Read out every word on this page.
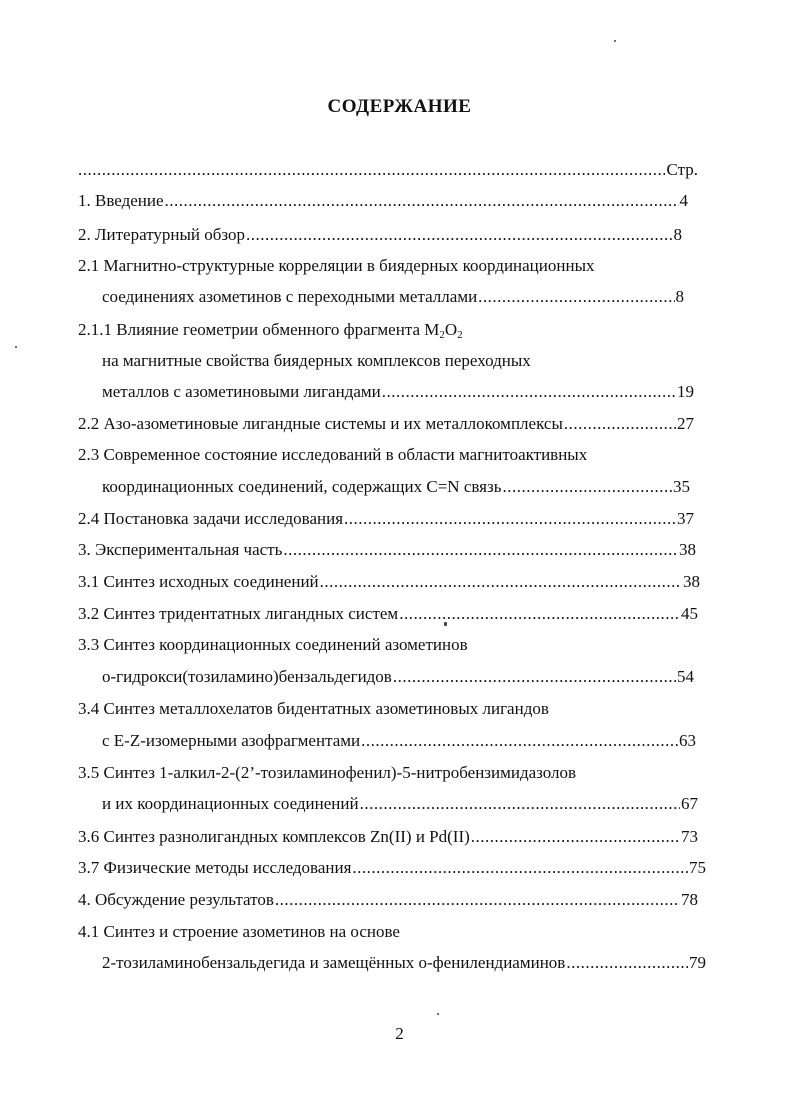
СОДЕРЖАНИЕ
.....
Стр.
1. Введение .....	4
2. Литературный обзор .....	8
2.1 Магнитно-структурные корреляции в биядерных координационных
соединениях азометинов с переходными металлами .....	8
2.1.1 Влияние геометрии обменного фрагмента $M_2O_2$
на магнитные свойства биядерных комплексов переходных
металлов с азометиновыми лигандами .....	19
2.2 Азо-азометиновые лигандные системы и их металлокомплексы .....	27
2.3 Современное состояние исследований в области магнитоактивных
координационных соединений, содержащих C=N связь .....	35
2.4 Постановка задачи исследования .....	37
3. Экспериментальная часть .....	38
3.1 Синтез исходных соединений .....	38
3.2 Синтез тридентатных лигандных систем .....	45
3.3 Синтез координационных соединений азометинов
о-гидрокси(тозиламино)бензальдегидов .....	54
3.4 Синтез металлохелатов бидентатных азометиновых лигандов
с E-Z-изомерными азофрагментами .....	63
3.5 Синтез 1-алкил-2-(2’-тозиламинофенил)-5-нитробензимидазолов
и их координационных соединений .....	67
3.6 Синтез разнолигандных комплексов Zn(II) и Pd(II) .....	73
3.7 Физические методы исследования .....	75
4. Обсуждение результатов .....	78
4.1 Синтез и строение азометинов на основе
2-тозиламинобензальдегида и замещённых о-фенилендиаминов .....	79
2
